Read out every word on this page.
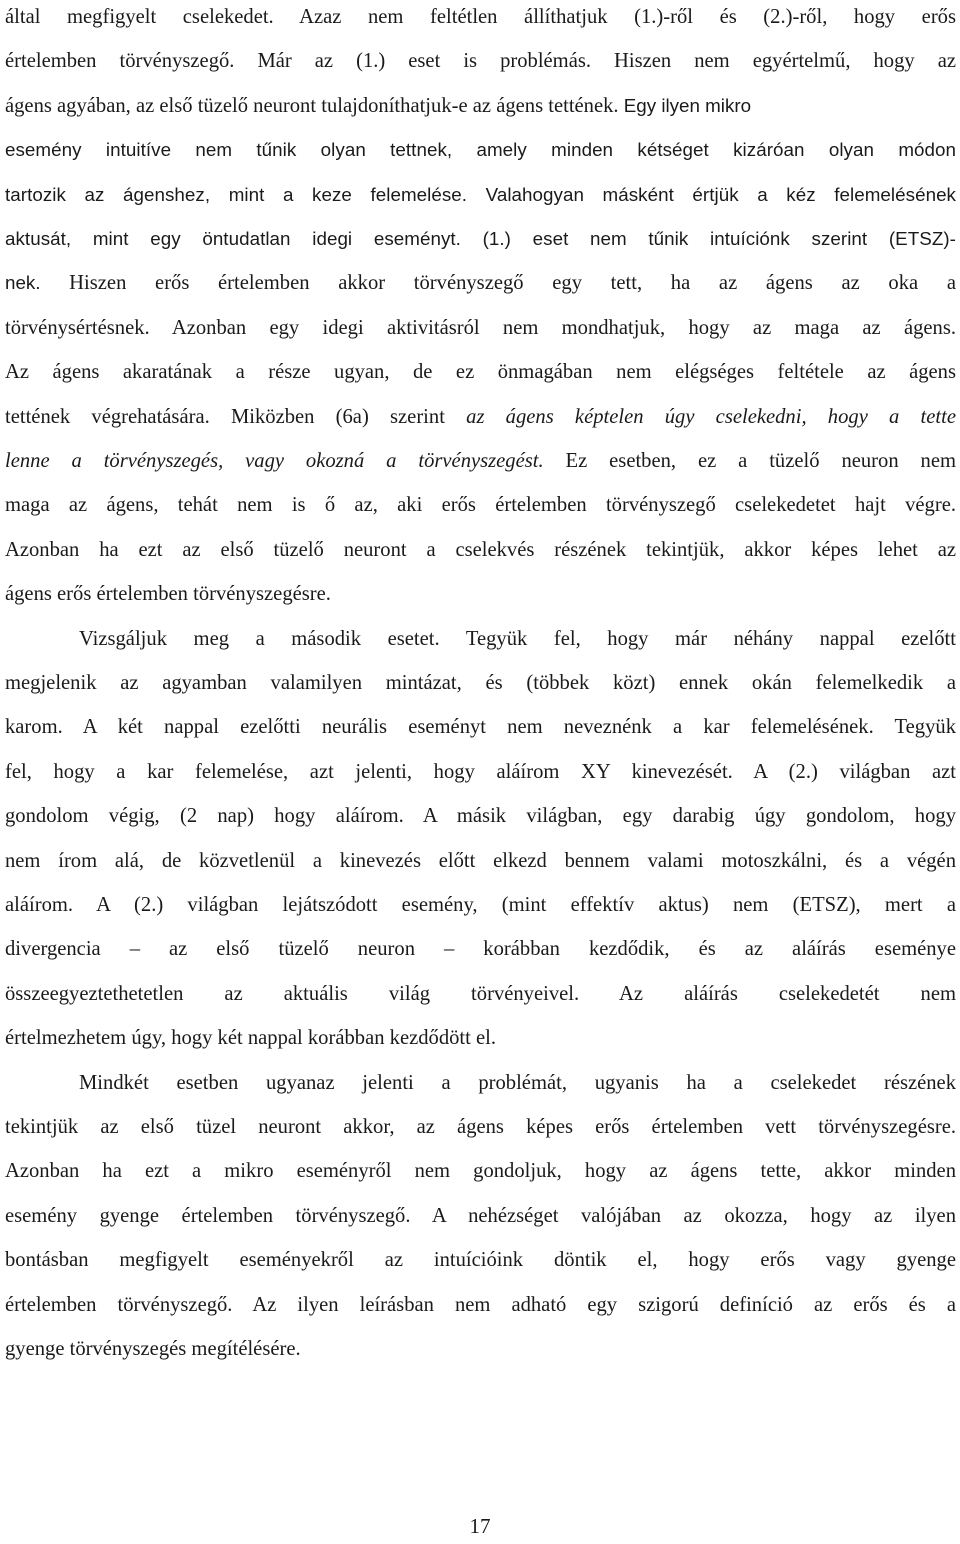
által megfigyelt cselekedet. Azaz nem feltétlen állíthatjuk (1.)-ről és (2.)-ről, hogy erős
értelemben törvényszegő. Már az (1.) eset is problémás. Hiszen nem egyértelmű, hogy az
ágens agyában, az első tüzelő neuront tulajdoníthatjuk-e az ágens tettének. Egy ilyen mikro
esemény intuitíve nem tűnik olyan tettnek, amely minden kétséget kizáróan olyan módon
tartozik az ágenshez, mint a keze felemelése. Valahogyan másként értjük a kéz felemelésének
aktusát, mint egy öntudatlan idegi eseményt. (1.) eset nem tűnik intuíciónk szerint (ETSZ)-
nek. Hiszen erős értelemben akkor törvényszegő egy tett, ha az ágens az oka a
törvénysértésnek. Azonban egy idegi aktivitásról nem mondhatjuk, hogy az maga az ágens.
Az ágens akaratának a része ugyan, de ez önmagában nem elégséges feltétele az ágens
tettének végrehatására. Miközben (6a) szerint az ágens képtelen úgy cselekedni, hogy a tette
lenne a törvényszegés, vagy okozná a törvényszegést. Ez esetben, ez a tüzelő neuron nem
maga az ágens, tehát nem is ő az, aki erős értelemben törvényszegő cselekedetet hajt végre.
Azonban ha ezt az első tüzelő neuront a cselekvés részének tekintjük, akkor képes lehet az
ágens erős értelemben törvényszegésre.
Vizsgáljuk meg a második esetet. Tegyük fel, hogy már néhány nappal ezelőtt
megjelenik az agyamban valamilyen mintázat, és (többek közt) ennek okán felemelkedik a
karom. A két nappal ezelőtti neurális eseményt nem neveznénk a kar felemelésének. Tegyük
fel, hogy a kar felemelése, azt jelenti, hogy aláírom XY kinevezését. A (2.) világban azt
gondolom végig, (2 nap) hogy aláírom. A másik világban, egy darabig úgy gondolom, hogy
nem írom alá, de közvetlenül a kinevezés előtt elkezd bennem valami motoszkálni, és a végén
aláírom. A (2.) világban lejátszódott esemény, (mint effektív aktus) nem (ETSZ), mert a
divergencia – az első tüzelő neuron – korábban kezdődik, és az aláírás eseménye
összeegyeztethetetlen az aktuális világ törvényeivel. Az aláírás cselekedetét nem
értelmezhetem úgy, hogy két nappal korábban kezdődött el.
Mindkét esetben ugyanaz jelenti a problémát, ugyanis ha a cselekedet részének
tekintjük az első tüzel neuront akkor, az ágens képes erős értelemben vett törvényszegésre.
Azonban ha ezt a mikro eseményről nem gondoljuk, hogy az ágens tette, akkor minden
esemény gyenge értelemben törvényszegő. A nehézséget valójában az okozza, hogy az ilyen
bontásban megfigyelt eseményekről az intuícióink döntik el, hogy erős vagy gyenge
értelemben törvényszegő. Az ilyen leírásban nem adható egy szigorú definíció az erős és a
gyenge törvényszegés megítélésére.
17
